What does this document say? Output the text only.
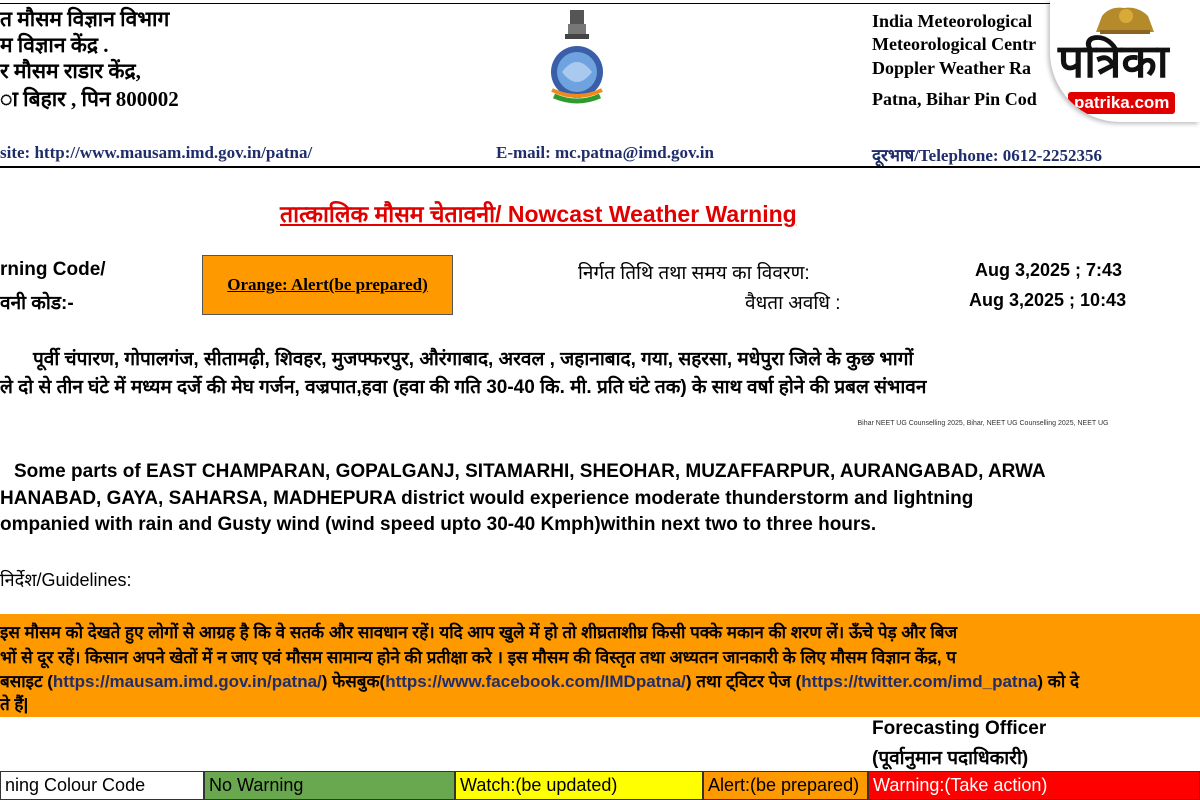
त मौसम विज्ञान विभाग
म विज्ञान केंद्र .
र मौसम राडार केंद्र,
ा बिहार , पिन 800002
India Meteorological
Meteorological Centr
Doppler Weather Ra
Patna, Bihar Pin Cod
पत्रिका
patrika.com
site: http://www.mausam.imd.gov.in/patna/	E-mail: mc.patna@imd.gov.in	दूरभाष/Telephone: 0612-2252356
तात्कालिक मौसम चेतावनी/ Nowcast Weather Warning
rning Code/
वनी कोड:-
Orange: Alert(be prepared)
निर्गत तिथि तथा समय का विवरण:	Aug 3,2025 ; 7:43
वैधता अवधि :	Aug 3,2025 ; 10:43
पूर्वी चंपारण, गोपालगंज, सीतामढ़ी, शिवहर, मुजफ्फरपुर, औरंगाबाद, अरवल , जहानाबाद, गया, सहरसा, मधेपुरा जिले के कुछ भागों
ले दो से तीन घंटे में मध्यम दर्जे की मेघ गर्जन, वज्रपात,हवा (हवा की गति 30-40 कि. मी. प्रति घंटे तक) के साथ वर्षा होने की प्रबल संभावन
Bihar NEET UG Counselling 2025, Bihar, NEET UG Counselling 2025, NEET UG
Some parts of EAST CHAMPARAN, GOPALGANJ, SITAMARHI, SHEOHAR, MUZAFFARPUR, AURANGABAD, ARWA
HANABAD, GAYA, SAHARSA, MADHEPURA district would experience moderate thunderstorm and lightning
ompanied with rain and Gusty wind (wind speed upto 30-40 Kmph)within next two to three hours.
निर्देश/Guidelines:
इस मौसम को देखते हुए लोगों से आग्रह है कि वे सतर्क और सावधान रहें। यदि आप खुले में हो तो शीघ्रताशीघ्र किसी पक्के मकान की शरण लें। ऊँचे पेड़ और बिज
भों से दूर रहें। किसान अपने खेतों में न जाए एवं मौसम सामान्य होने की प्रतीक्षा करे । इस मौसम की विस्तृत तथा अध्यतन जानकारी के लिए मौसम विज्ञान केंद्र, प
बसाइट (https://mausam.imd.gov.in/patna/) फेसबुक(https://www.facebook.com/IMDpatna/) तथा ट्विटर पेज (https://twitter.com/imd_patna) को दे
ते हैं|
Forecasting Officer
(पूर्वानुमान पदाधिकारी)
ning Colour Code	No Warning	Watch:(be updated)	Alert:(be prepared) Warning:(Take action)
